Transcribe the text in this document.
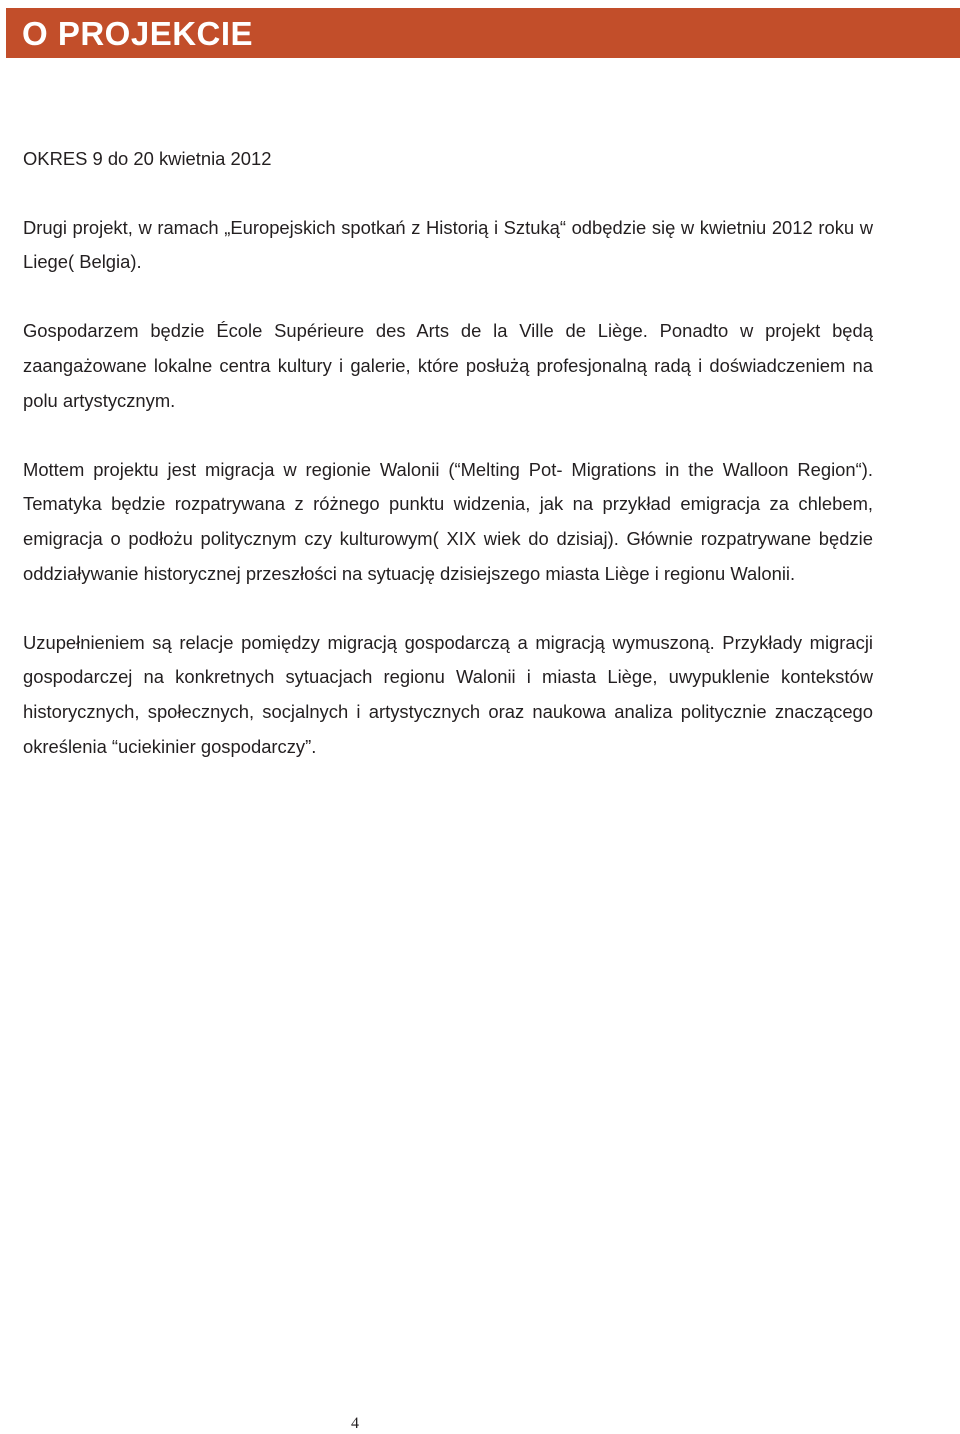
O PROJEKCIE

OKRES 9 do 20 kwietnia 2012

Drugi projekt, w ramach „Europejskich spotkań z Historią i Sztuką“ odbędzie się w kwietniu 2012 roku w Liege( Belgia).

Gospodarzem będzie École Supérieure des Arts de la Ville de Liège. Ponadto w projekt będą zaangażowane lokalne centra kultury i galerie, które posłużą profesjonalną radą i doświadczeniem na polu artystycznym.

Mottem projektu jest migracja w regionie Walonii (“Melting Pot- Migrations in the Walloon Region“). Tematyka będzie rozpatrywana z różnego punktu widzenia, jak na przykład emigracja za chlebem, emigracja o podłożu politycznym czy kulturowym( XIX wiek do dzisiaj). Głównie rozpatrywane będzie oddziaływanie historycznej przeszłości na sytuację dzisiejszego miasta Liège i regionu Walonii.

Uzupełnieniem są relacje pomiędzy migracją gospodarczą a migracją wymuszoną. Przykłady migracji gospodarczej na konkretnych sytuacjach regionu Walonii i miasta Liège, uwypuklenie kontekstów historycznych, społecznych, socjalnych i artystycznych oraz naukowa analiza politycznie znaczącego określenia “uciekinier gospodarczy”.

4
